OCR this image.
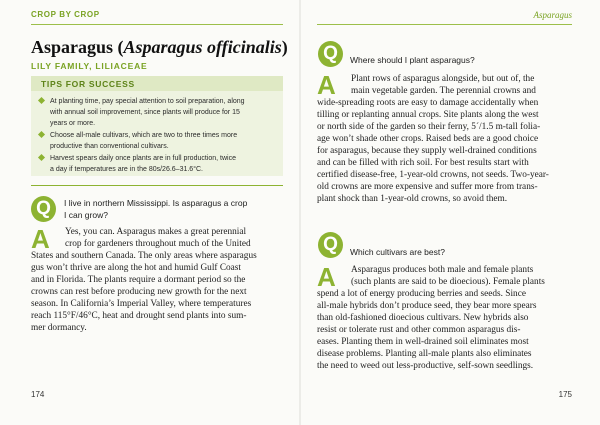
CROP BY CROP
Asparagus (Asparagus officinalis)
LILY FAMILY, LILIACEAE
TIPS FOR SUCCESS
At planting time, pay special attention to soil preparation, along
with annual soil improvement, since plants will produce for 15
years or more.
Choose all-male cultivars, which are two to three times more
productive than conventional cultivars.
Harvest spears daily once plants are in full production, twice
a day if temperatures are in the 80s/26.6–31.6°C.
Q	I live in northern Mississippi. Is asparagus a crop
I can grow?
A	Yes, you can. Asparagus makes a great perennial
crop for gardeners throughout much of the United
States and southern Canada. The only areas where asparagus
gus won’t thrive are along the hot and humid Gulf Coast
and in Florida. The plants require a dormant period so the
crowns can rest before producing new growth for the next
season. In California’s Imperial Valley, where temperatures
reach 115°F/46°C, heat and drought send plants into sum-
mer dormancy.
174
Asparagus
Q	Where should I plant asparagus?
A	Plant rows of asparagus alongside, but out of, the
main vegetable garden. The perennial crowns and
wide-spreading roots are easy to damage accidentally when
tilling or replanting annual crops. Site plants along the west
or north side of the garden so their ferny, 5´/1.5 m-tall folia-
age won’t shade other crops. Raised beds are a good choice
for asparagus, because they supply well-drained conditions
and can be filled with rich soil. For best results start with
certified disease-free, 1-year-old crowns, not seeds. Two-year-
old crowns are more expensive and suffer more from trans-
plant shock than 1-year-old crowns, so avoid them.
Q	Which cultivars are best?
A	Asparagus produces both male and female plants
(such plants are said to be dioecious). Female plants
spend a lot of energy producing berries and seeds. Since
all-male hybrids don’t produce seed, they bear more spears
than old-fashioned dioecious cultivars. New hybrids also
resist or tolerate rust and other common asparagus dis-
eases. Planting them in well-drained soil eliminates most
disease problems. Planting all-male plants also eliminates
the need to weed out less-productive, self-sown seedlings.
175
